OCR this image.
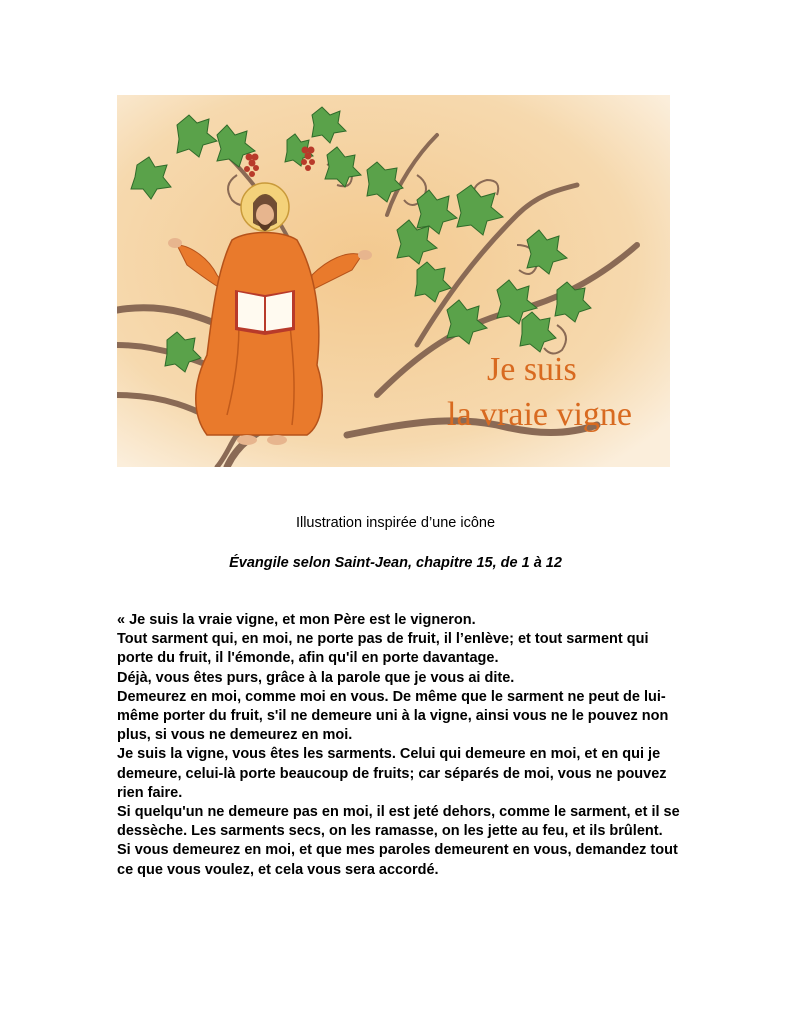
Je suis
la vraie vigne
Illustration inspirée d’une icône
Évangile selon Saint-Jean, chapitre 15, de 1 à 12

« Je suis la vraie vigne, et mon Père est le vigneron.

Tout sarment qui, en moi, ne porte pas de fruit, il l’enlève; et tout sarment qui porte du fruit, il l'émonde, afin qu'il en porte davantage.

Déjà, vous êtes purs, grâce à la parole que je vous ai dite.

Demeurez en moi, comme moi en vous. De même que le sarment ne peut de lui-même porter du fruit, s'il ne demeure uni à la vigne, ainsi vous ne le pouvez non plus, si vous ne demeurez en moi.

Je suis la vigne, vous êtes les sarments. Celui qui demeure en moi, et en qui je demeure, celui-là porte beaucoup de fruits; car séparés de moi, vous ne pouvez rien faire.

Si quelqu'un ne demeure pas en moi, il est jeté dehors, comme le sarment, et il se dessèche. Les sarments secs, on les ramasse, on les jette au feu, et ils brûlent.

Si vous demeurez en moi, et que mes paroles demeurent en vous, demandez tout ce que vous voulez, et cela vous sera accordé.
